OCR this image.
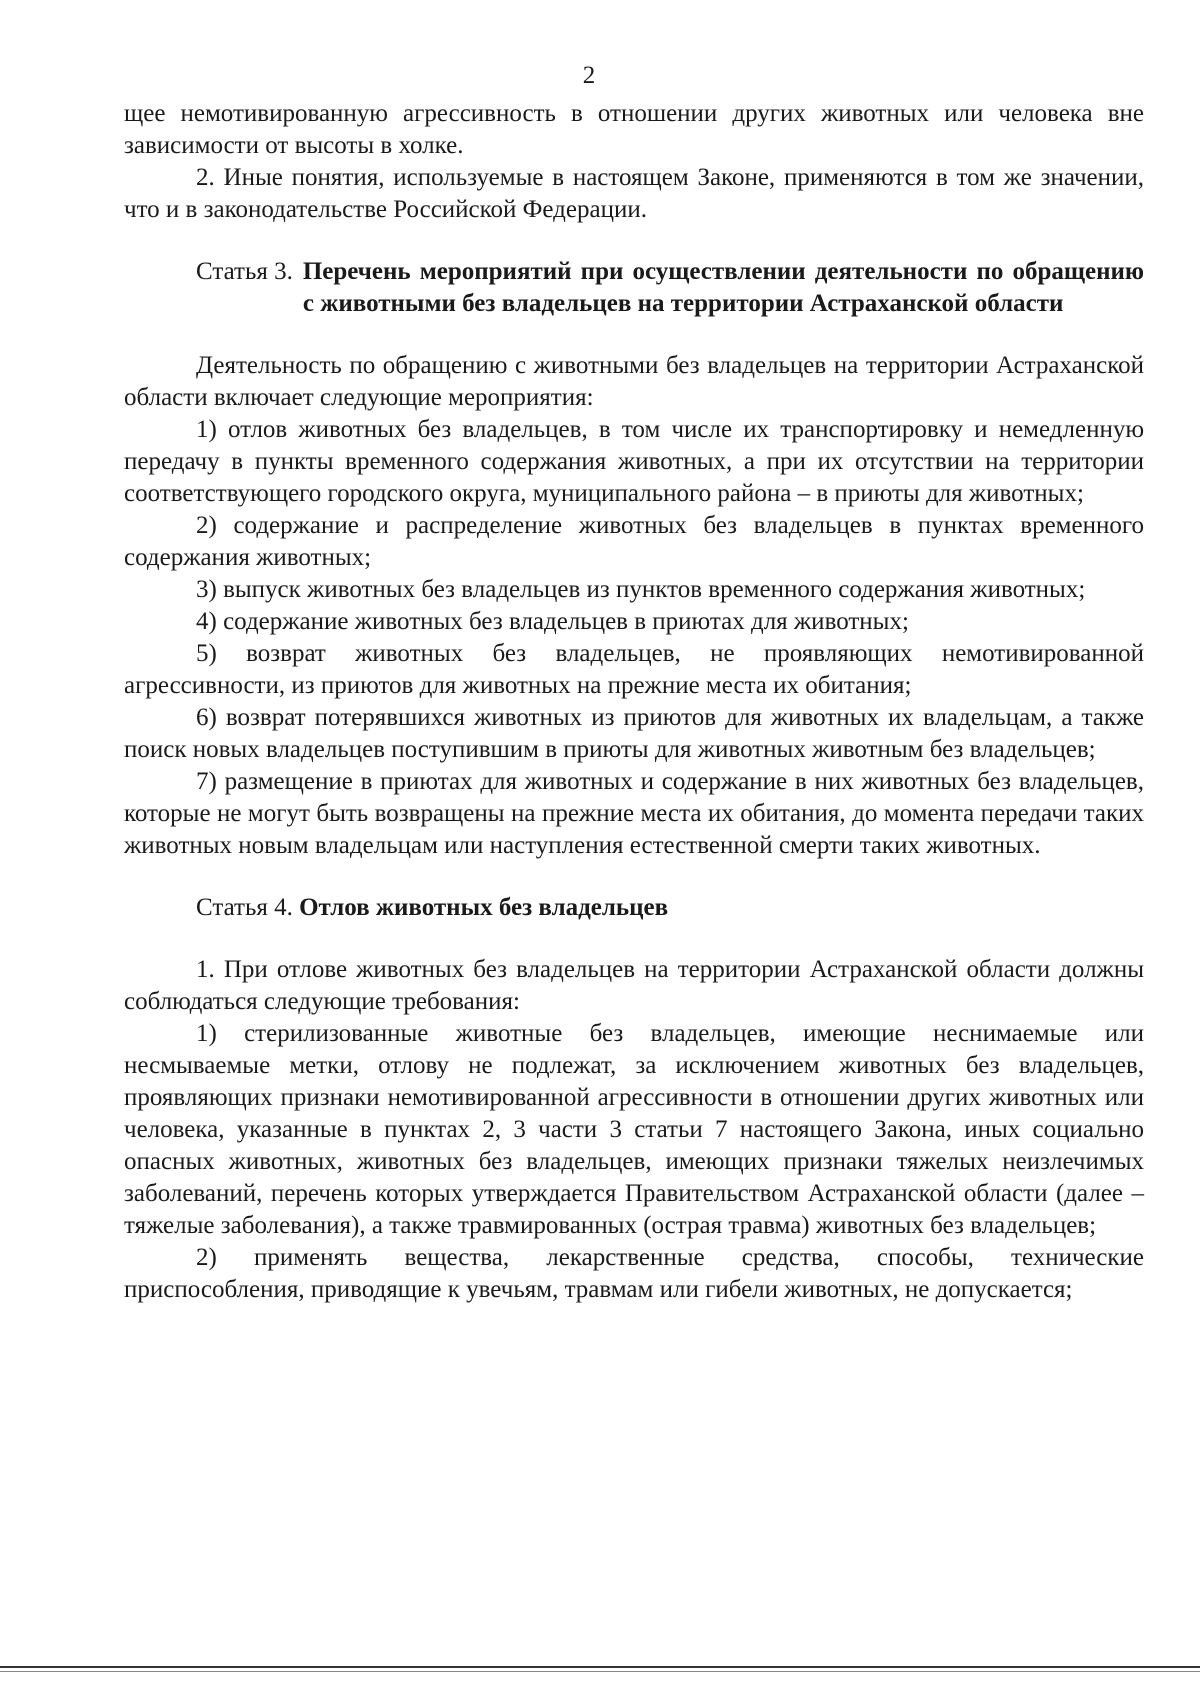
2

щее немотивированную агрессивность в отношении других животных или человека вне зависимости от высоты в холке.

2. Иные понятия, используемые в настоящем Законе, применяются в том же значении, что и в законодательстве Российской Федерации.

Статья 3. Перечень мероприятий при осуществлении деятельности по обращению с животными без владельцев на территории Астраханской области

Деятельность по обращению с животными без владельцев на территории Астраханской области включает следующие мероприятия:

1) отлов животных без владельцев, в том числе их транспортировку и немедленную передачу в пункты временного содержания животных, а при их отсутствии на территории соответствующего городского округа, муниципального района – в приюты для животных;

2) содержание и распределение животных без владельцев в пунктах временного содержания животных;

3) выпуск животных без владельцев из пунктов временного содержания животных;

4) содержание животных без владельцев в приютах для животных;

5) возврат животных без владельцев, не проявляющих немотивированной агрессивности, из приютов для животных на прежние места их обитания;

6) возврат потерявшихся животных из приютов для животных их владельцам, а также поиск новых владельцев поступившим в приюты для животных животным без владельцев;

7) размещение в приютах для животных и содержание в них животных без владельцев, которые не могут быть возвращены на прежние места их обитания, до момента передачи таких животных новым владельцам или наступления естественной смерти таких животных.

Статья 4. Отлов животных без владельцев

1. При отлове животных без владельцев на территории Астраханской области должны соблюдаться следующие требования:

1) стерилизованные животные без владельцев, имеющие неснимаемые или несмываемые метки, отлову не подлежат, за исключением животных без владельцев, проявляющих признаки немотивированной агрессивности в отношении других животных или человека, указанные в пунктах 2, 3 части 3 статьи 7 настоящего Закона, иных социально опасных животных, животных без владельцев, имеющих признаки тяжелых неизлечимых заболеваний, перечень которых утверждается Правительством Астраханской области (далее – тяжелые заболевания), а также травмированных (острая травма) животных без владельцев;

2) применять вещества, лекарственные средства, способы, технические приспособления, приводящие к увечьям, травмам или гибели животных, не допускается;
